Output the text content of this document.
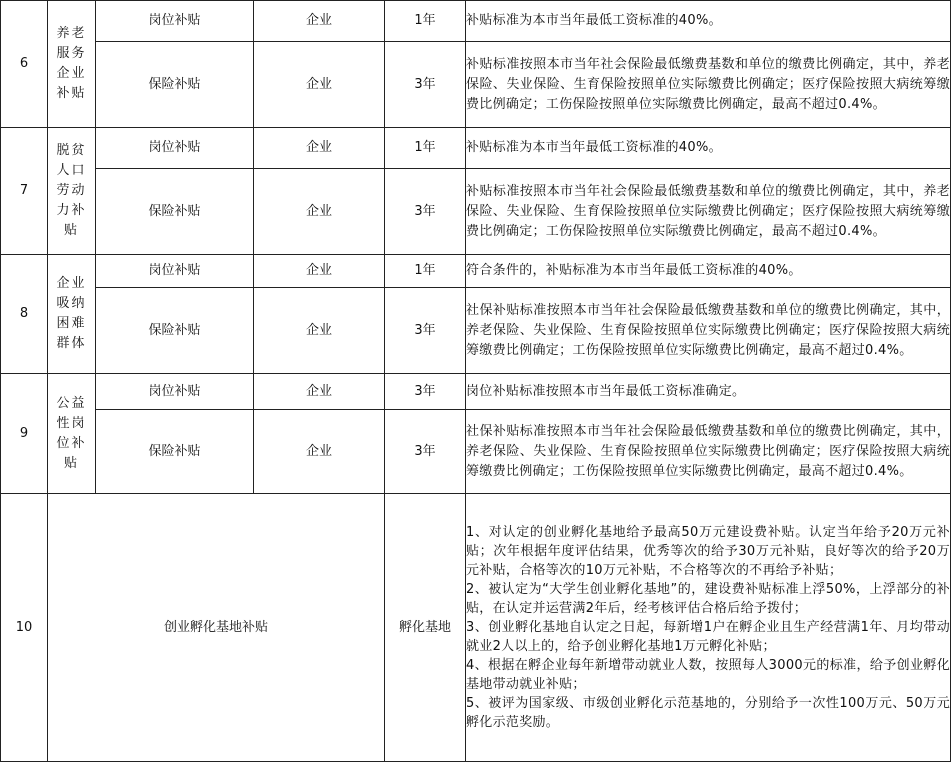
6	养老服务企业补贴	岗位补贴	企业	1年	补贴标准为本市当年最低工资标准的40%。
		保险补贴	企业	3年	补贴标准按照本市当年社会保险最低缴费基数和单位的缴费比例确定，其中，养老保险、失业保险、生育保险按照单位实际缴费比例确定；医疗保险按照大病统筹缴费比例确定；工伤保险按照单位实际缴费比例确定，最高不超过0.4%。
7	脱贫人口劳动力补贴	岗位补贴	企业	1年	补贴标准为本市当年最低工资标准的40%。
		保险补贴	企业	3年	补贴标准按照本市当年社会保险最低缴费基数和单位的缴费比例确定，其中，养老保险、失业保险、生育保险按照单位实际缴费比例确定；医疗保险按照大病统筹缴费比例确定；工伤保险按照单位实际缴费比例确定，最高不超过0.4%。
8	企业吸纳困难群体	岗位补贴	企业	1年	符合条件的，补贴标准为本市当年最低工资标准的40%。
		保险补贴	企业	3年	社保补贴标准按照本市当年社会保险最低缴费基数和单位的缴费比例确定，其中，养老保险、失业保险、生育保险按照单位实际缴费比例确定；医疗保险按照大病统筹缴费比例确定；工伤保险按照单位实际缴费比例确定，最高不超过0.4%。
9	公益性岗位补贴	岗位补贴	企业	3年	岗位补贴标准按照本市当年最低工资标准确定。
		保险补贴	企业	3年	社保补贴标准按照本市当年社会保险最低缴费基数和单位的缴费比例确定，其中，养老保险、失业保险、生育保险按照单位实际缴费比例确定；医疗保险按照大病统筹缴费比例确定；工伤保险按照单位实际缴费比例确定，最高不超过0.4%。
10	创业孵化基地补贴			孵化基地	1、对认定的创业孵化基地给予最高50万元建设费补贴。认定当年给予20万元补贴；次年根据年度评估结果，优秀等次的给予30万元补贴，良好等次的给予20万元补贴，合格等次的10万元补贴，不合格等次的不再给予补贴；
2、被认定为“大学生创业孵化基地”的，建设费补贴标准上浮50%，上浮部分的补贴，在认定并运营满2年后，经考核评估合格后给予拨付；
3、创业孵化基地自认定之日起，每新增1户在孵企业且生产经营满1年、月均带动就业2人以上的，给予创业孵化基地1万元孵化补贴；
4、根据在孵企业每年新增带动就业人数，按照每人3000元的标准，给予创业孵化基地带动就业补贴；
5、被评为国家级、市级创业孵化示范基地的，分别给予一次性100万元、50万元孵化示范奖励。
